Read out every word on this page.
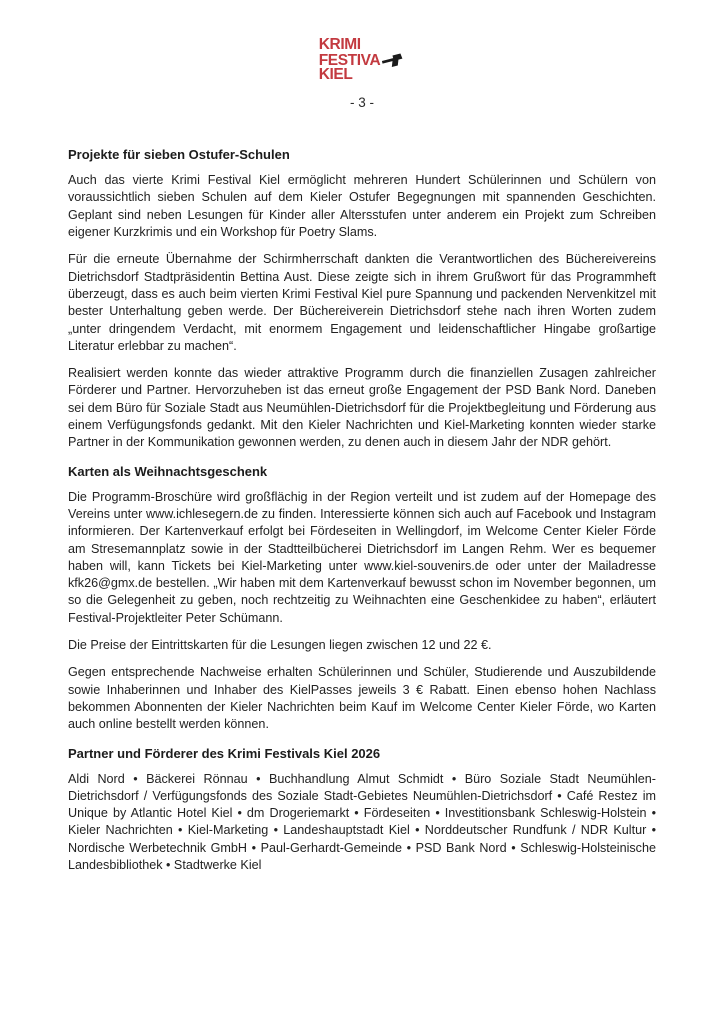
KRIMI
FESTIVA
KIEL
- 3 -
Projekte für sieben Ostufer-Schulen

Auch das vierte Krimi Festival Kiel ermöglicht mehreren Hundert Schülerinnen und Schülern von voraussichtlich sieben Schulen auf dem Kieler Ostufer Begegnungen mit spannenden Geschichten. Geplant sind neben Lesungen für Kinder aller Altersstufen unter anderem ein Projekt zum Schreiben eigener Kurzkrimis und ein Workshop für Poetry Slams.

Für die erneute Übernahme der Schirmherrschaft dankten die Verantwortlichen des Büchereivereins Dietrichsdorf Stadtpräsidentin Bettina Aust. Diese zeigte sich in ihrem Grußwort für das Programmheft überzeugt, dass es auch beim vierten Krimi Festival Kiel pure Spannung und packenden Nervenkitzel mit bester Unterhaltung geben werde. Der Büchereiverein Dietrichsdorf stehe nach ihren Worten zudem „unter dringendem Verdacht, mit enormem Engagement und leidenschaftlicher Hingabe großartige Literatur erlebbar zu machen“.

Realisiert werden konnte das wieder attraktive Programm durch die finanziellen Zusagen zahlreicher Förderer und Partner. Hervorzuheben ist das erneut große Engagement der PSD Bank Nord. Daneben sei dem Büro für Soziale Stadt aus Neumühlen-Dietrichsdorf für die Projektbegleitung und Förderung aus einem Verfügungsfonds gedankt. Mit den Kieler Nachrichten und Kiel-Marketing konnten wieder starke Partner in der Kommunikation gewonnen werden, zu denen auch in diesem Jahr der NDR gehört.

Karten als Weihnachtsgeschenk

Die Programm-Broschüre wird großflächig in der Region verteilt und ist zudem auf der Homepage des Vereins unter www.ichlesegern.de zu finden. Interessierte können sich auch auf Facebook und Instagram informieren. Der Kartenverkauf erfolgt bei Fördeseiten in Wellingdorf, im Welcome Center Kieler Förde am Stresemannplatz sowie in der Stadtteilbücherei Dietrichsdorf im Langen Rehm. Wer es bequemer haben will, kann Tickets bei Kiel-Marketing unter www.kiel-souvenirs.de oder unter der Mailadresse kfk26@gmx.de bestellen. „Wir haben mit dem Kartenverkauf bewusst schon im November begonnen, um so die Gelegenheit zu geben, noch rechtzeitig zu Weihnachten eine Geschenkidee zu haben“, erläutert Festival-Projektleiter Peter Schümann.

Die Preise der Eintrittskarten für die Lesungen liegen zwischen 12 und 22 €.

Gegen entsprechende Nachweise erhalten Schülerinnen und Schüler, Studierende und Auszubildende sowie Inhaberinnen und Inhaber des KielPasses jeweils 3 € Rabatt. Einen ebenso hohen Nachlass bekommen Abonnenten der Kieler Nachrichten beim Kauf im Welcome Center Kieler Förde, wo Karten auch online bestellt werden können.

Partner und Förderer des Krimi Festivals Kiel 2026

Aldi Nord • Bäckerei Rönnau • Buchhandlung Almut Schmidt • Büro Soziale Stadt Neumühlen-Dietrichsdorf / Verfügungsfonds des Soziale Stadt-Gebietes Neumühlen-Dietrichsdorf • Café Restez im Unique by Atlantic Hotel Kiel • dm Drogeriemarkt • Fördeseiten • Investitionsbank Schleswig-Holstein • Kieler Nachrichten • Kiel-Marketing • Landeshauptstadt Kiel • Norddeutscher Rundfunk / NDR Kultur • Nordische Werbetechnik GmbH • Paul-Gerhardt-Gemeinde • PSD Bank Nord • Schleswig-Holsteinische Landesbibliothek • Stadtwerke Kiel
